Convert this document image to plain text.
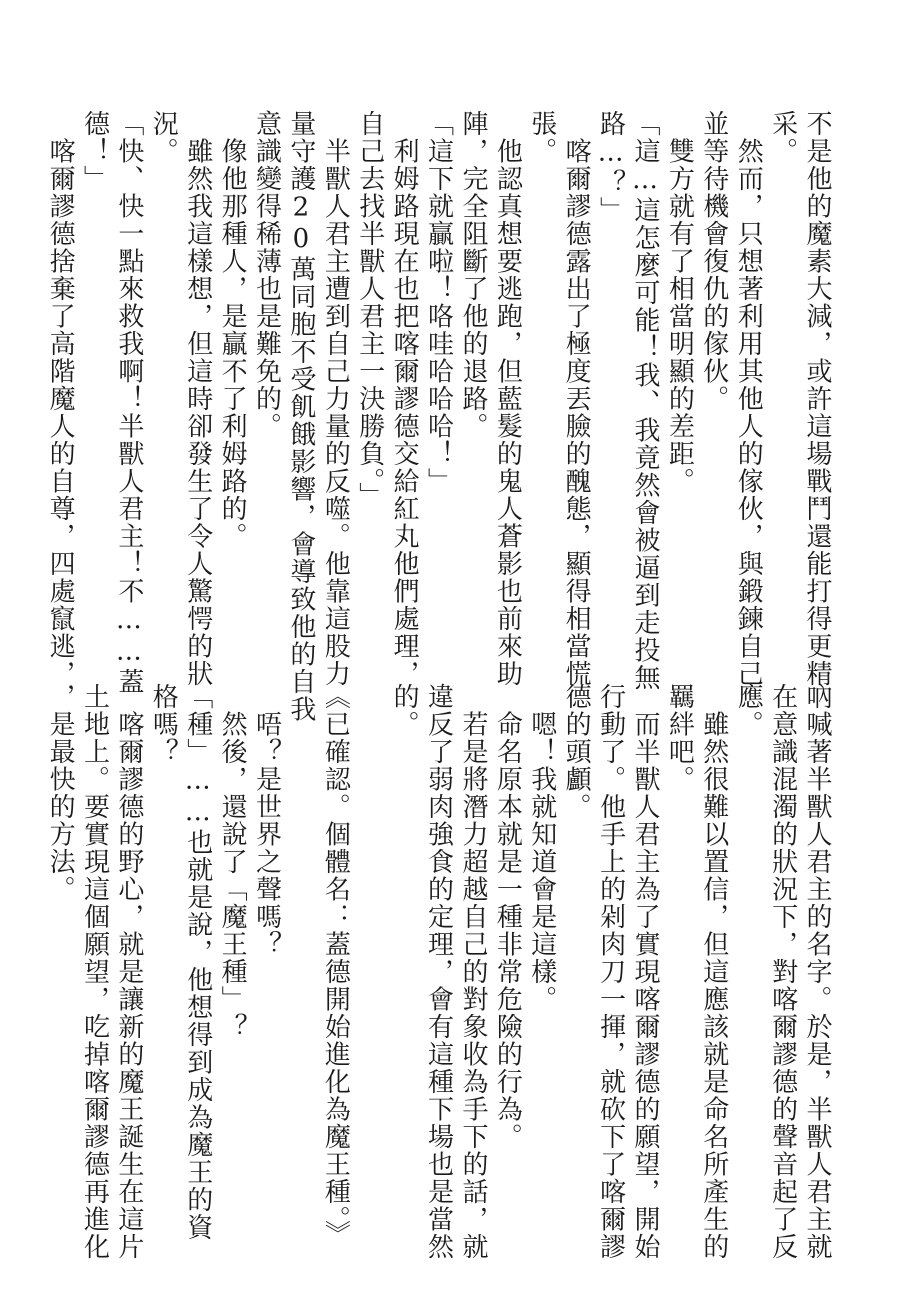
不是他的魔素大減，或許這場戰鬥還能打得更精
采。
　然而，只想著利用其他人的傢伙，與鍛鍊自己
並等待機會復仇的傢伙。
　雙方就有了相當明顯的差距。
「這…這怎麼可能！我、我竟然會被逼到走投無
路…？」
　喀爾謬德露出了極度丟臉的醜態，顯得相當慌
張。
　他認真想要逃跑，但藍髮的鬼人蒼影也前來助
陣，完全阻斷了他的退路。
「這下就贏啦！咯哇哈哈哈！」
　利姆路現在也把喀爾謬德交給紅丸他們處理，
自己去找半獸人君主一決勝負。」
　半獸人君主遭到自己力量的反噬。他靠這股力
量守護20萬同胞不受飢餓影響，會導致他的自我
意識變得稀薄也是難免的。
　像他那種人，是贏不了利姆路的。
　雖然我這樣想，但這時卻發生了令人驚愕的狀
況。
「快、快一點來救我啊！半獸人君主！不……蓋
德！」
　喀爾謬德捨棄了高階魔人的自尊，四處竄逃，
吶喊著半獸人君主的名字。於是，半獸人君主就
在意識混濁的狀況下，對喀爾謬德的聲音起了反
應。
　雖然很難以置信，但這應該就是命名所產生的
羈絆吧。
　而半獸人君主為了實現喀爾謬德的願望，開始
行動了。他手上的剁肉刀一揮，就砍下了喀爾謬
德的頭顱。
　嗯！我就知道會是這樣。
　命名原本就是一種非常危險的行為。
　若是將潛力超越自己的對象收為手下的話，就
違反了弱肉強食的定理，會有這種下場也是當然
的。

《已確認。個體名：蓋德開始進化為魔王種。》

　唔？是世界之聲嗎？
　然後，還說了「魔王種」？
「種」……也就是說，他想得到成為魔王的資
格嗎？
　喀爾謬德的野心，就是讓新的魔王誕生在這片
土地上。要實現這個願望，吃掉喀爾謬德再進化
，是最快的方法。
